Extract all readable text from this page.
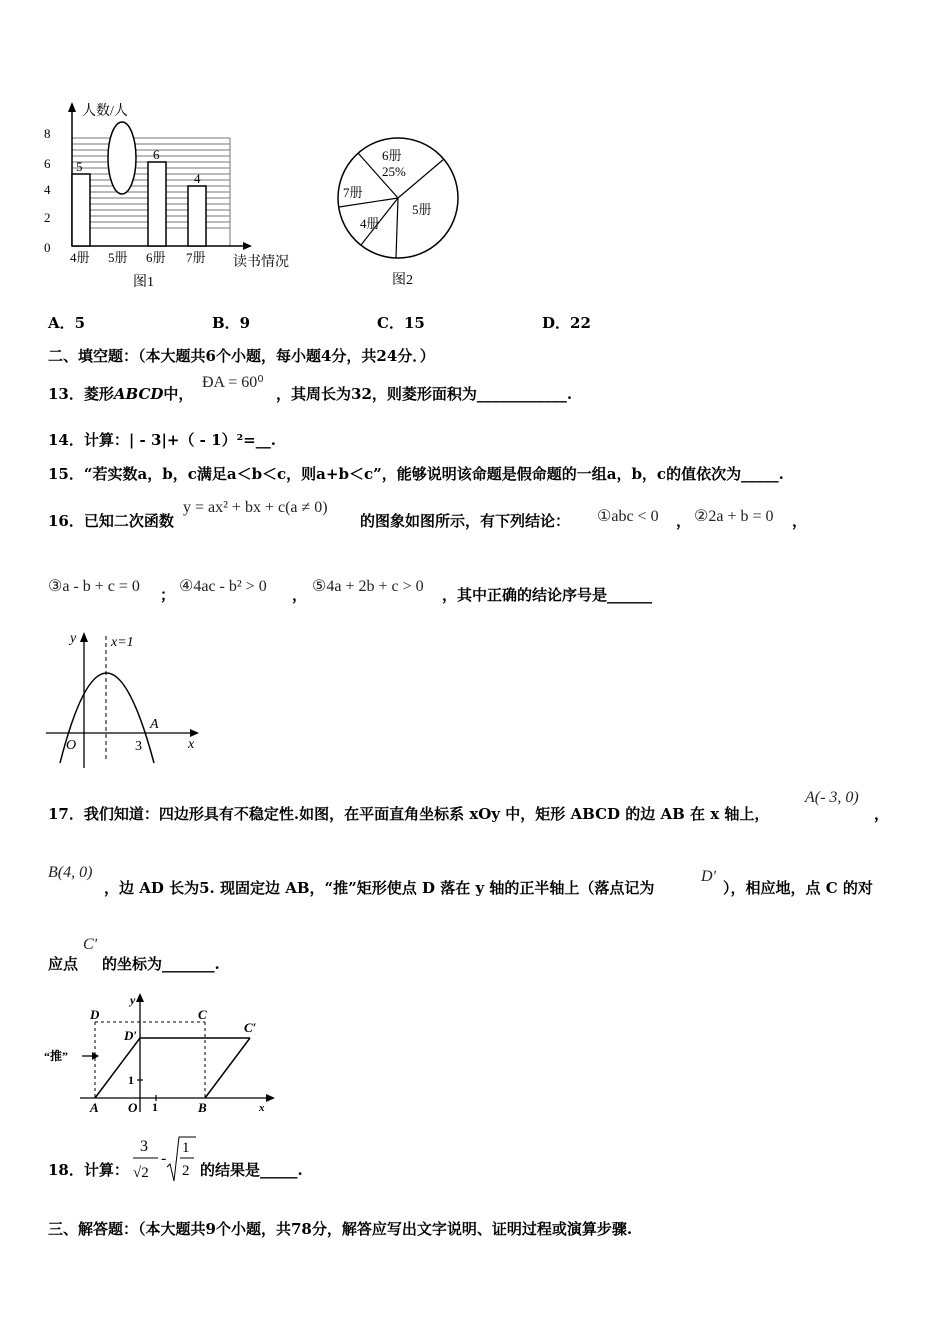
人数/人
0
2
4
6
8
5
6
4
4册 5册 6册 7册 读书情况
图1
6册
25%
7册
4册
5册
图2
A．5	B．9	C．15	D．22
二、填空题：（本大题共6个小题，每小题4分，共24分．）
13．菱形ABCD中，
ÐA = 60⁰
，其周长为32，则菱形面积为____________.
14．计算：| - 3|+（ - 1）²=__.
15．“若实数a，b，c满足a＜b＜c，则a+b＜c”，能够说明该命题是假命题的一组a，b，c的值依次为_____.
16．已知二次函数
y = ax² + bx + c(a ≠ 0)
的图象如图所示，有下列结论： ①abc < 0 ， ②2a + b = 0 ，
③a - b + c = 0 ； ④4ac - b² > 0 ， ⑤4a + 2b + c > 0 ，其中正确的结论序号是______
x=1
y
x
O	3
A
17．我们知道：四边形具有不稳定性.如图，在平面直角坐标系 xOy 中，矩形 ABCD 的边 AB 在 x 轴上，
A(- 3, 0)
，
B(4, 0)
，边 AD 长为5. 现固定边 AB，“推”矩形使点 D 落在 y 轴的正半轴上（落点记为
Dʹ
），相应地，点 C 的对
应点
Cʹ
的坐标为_______.
D	C
D′
C′
“推”
y
1
A O 1	B	x
18．计算：
3
√2
-
1
2 的结果是_____.
三、解答题：（本大题共9个小题，共78分，解答应写出文字说明、证明过程或演算步骤.
